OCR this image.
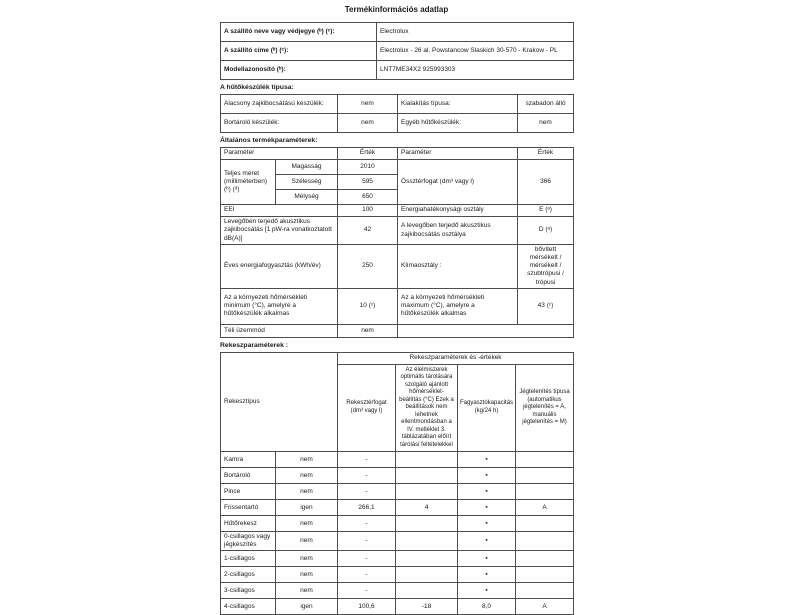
Termékinformációs adatlap
A szállító neve vagy védjegye (ᵇ) (ᶜ):	Electrolux
A szállító címe (ᵇ) (ᶜ):	Electrolux - 26 al. Powstancow Slaskich 30-570 - Krakow - PL
Modellazonosító (ᵇ):	LNT7ME34X2 925993303
A hűtőkészülék típusa:
Alacsony zajkibocsátású készülék:	nem	Kialakítás típusa:	szabadon álló
Bortároló készülék:	nem	Egyéb hűtőkészülék:	nem
Általános termékparaméterek:
Paraméter		Érték	Paraméter	Érték
Teljes méret (milliméterben) (ᵇ) (ᵈ)	Magasság	2010	Össztérfogat (dm³ vagy l)	366
	Szélesség	595		
	Mélység	650		
EEI		100	Energiahatékonysági osztály	E (ᵃ)
Levegőben terjedő akusztikus zajkibocsátás [1 pW-ra vonatkoztatott dB(A)]		42	A levegőben terjedő akusztikus zajkibocsátás osztálya	D (ᵃ)
Éves energiafogyasztás (kWh/év)		250	Klímaosztály :	bővített mérsékelt / mérsékelt / szubtrópusi / trópusi
Az a környezeti hőmérsékleti minimum (°C), amelyre a hűtőkészülék alkalmas		10 (ᶜ)	Az a környezeti hőmérsékleti maximum (°C), amelyre a hűtőkészülék alkalmas	43 (ᶜ)
Téli üzemmód		nem		
Rekeszparaméterek :
Rekesztípus		Rekeszparaméterek és -értékek			
		Rekesztérfogat (dm³ vagy l)	Az élelmiszerek optimális tárolására szolgáló ajánlott hőmérséklet-beállítás (°C) Ezek a beállítások nem lehetnek ellentmondásban a IV. melléklet 3. táblázatában előírt tárolási feltételekkel	Fagyasztókapacitás (kg/24 h)	Jégtelenítés típusa (automatikus jégtelenítés = A, manuális jégtelenítés = M)
Kamra	nem	-		▪	
Bortároló	nem	-		▪	
Pince	nem	-		▪	
Frissentartó	igen	266,1	4	▪	A
Hűtőrekesz	nem	-		▪	
0-csillagos vagy jégkészítés	nem	-		▪	
1-csillagos	nem	-		▪	
2-csillagos	nem	-		▪	
3-csillagos	nem	-		▪	
4-csillagos	igen	100,6	-18	8,0	A
